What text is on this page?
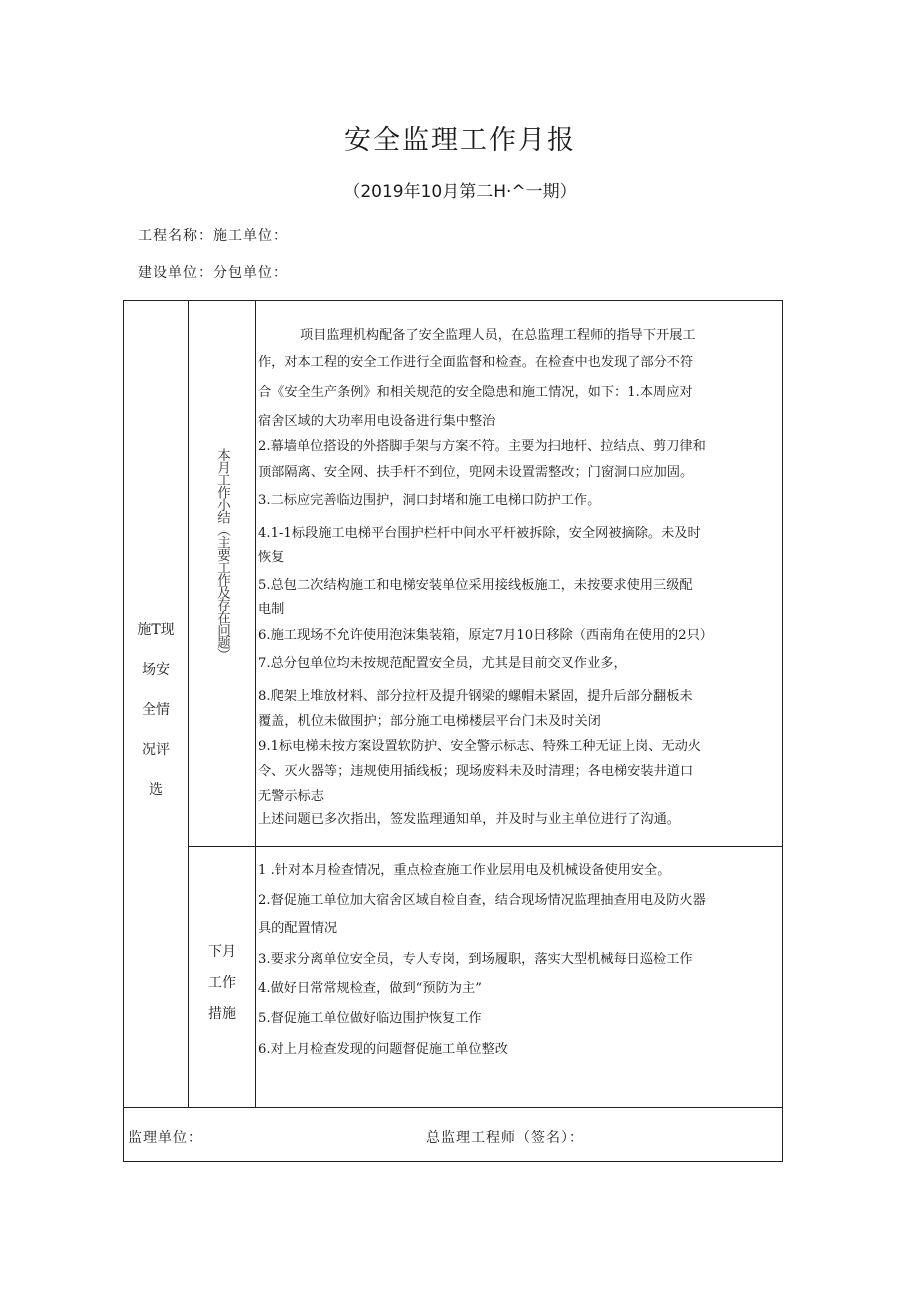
安全监理工作月报
（2019年10月第二H·^一期）
工程名称：施工单位：
建设单位：分包单位：
施T现
场安
全情
况评
选
本月工作小结（主要工作及存在问题）
项目监理机构配备了安全监理人员，在总监理工程师的指导下开展工
作，对本工程的安全工作进行全面监督和检查。在检查中也发现了部分不符
合《安全生产条例》和相关规范的安全隐患和施工情况，如下：1.本周应对
宿舍区域的大功率用电设备进行集中整治
2.幕墙单位搭设的外搭脚手架与方案不符。主要为扫地杆、拉结点、剪刀律和
顶部隔离、安全网、扶手杆不到位，兜网未设置需整改；门窗洞口应加固。
3.二标应完善临边围护，洞口封堵和施工电梯口防护工作。
4.1-1标段施工电梯平台围护栏杆中间水平杆被拆除，安全网被摘除。未及时
恢复
5.总包二次结构施工和电梯安装单位采用接线板施工，未按要求使用三级配
电制
6.施工现场不允许使用泡沫集装箱，原定7月10日移除（西南角在使用的2只）
7.总分包单位均未按规范配置安全员，尤其是目前交叉作业多，
8.爬架上堆放材料、部分拉杆及提升钢梁的螺帽未紧固，提升后部分翻板未
覆盖，机位未做围护；部分施工电梯楼层平台门未及时关闭
9.1标电梯未按方案设置软防护、安全警示标志、特殊工种无证上岗、无动火
令、灭火器等；违规使用插线板；现场废料未及时清理；各电梯安装井道口
无警示标志
上述问题已多次指出，签发监理通知单，并及时与业主单位进行了沟通。
下月
工作
措施
1 .针对本月检查情况，重点检查施工作业层用电及机械设备使用安全。
2.督促施工单位加大宿舍区域自检自查，结合现场情况监理抽查用电及防火器
具的配置情况
3.要求分离单位安全员，专人专岗，到场履职，落实大型机械每日巡检工作
4.做好日常常规检查，做到“预防为主”
5.督促施工单位做好临边围护恢复工作
6.对上月检查发现的问题督促施工单位整改
监理单位：	总监理工程师（签名）：
